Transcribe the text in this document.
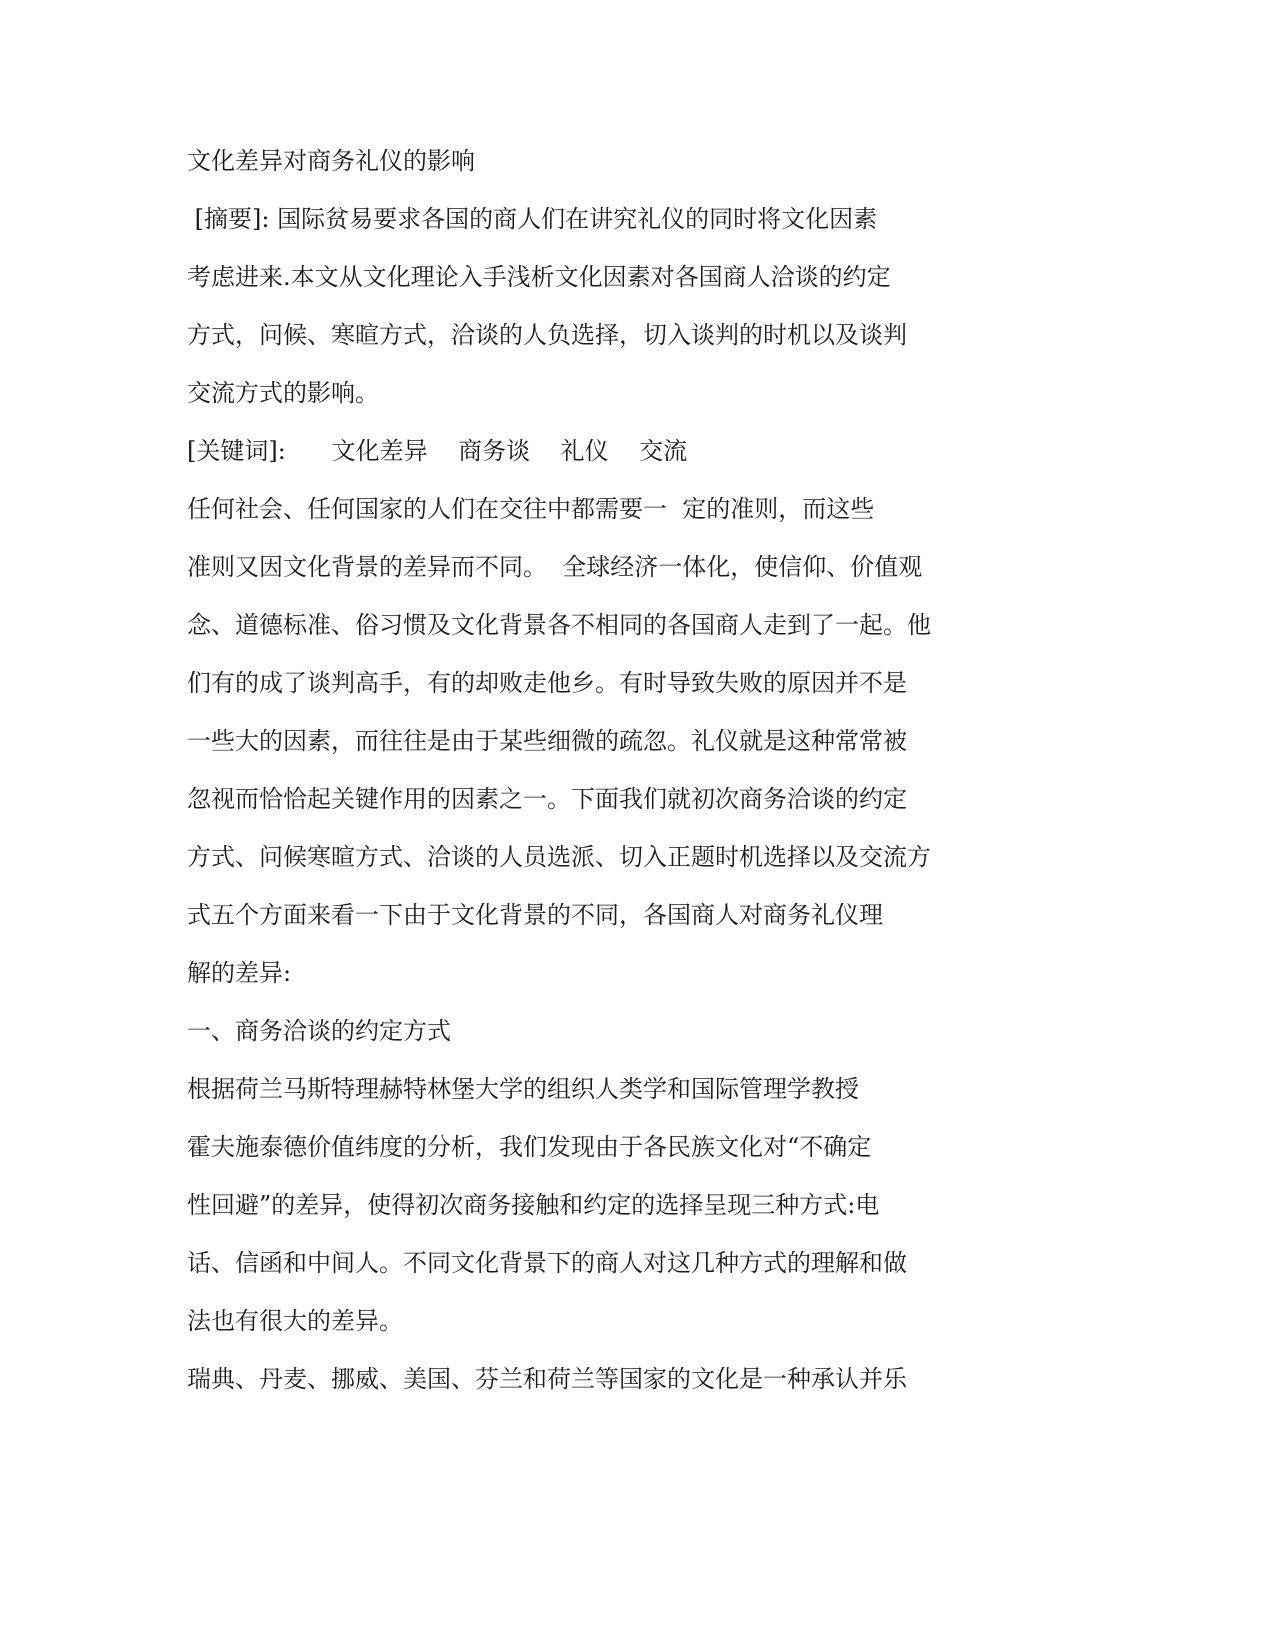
文化差异对商务礼仪的影响

[摘要]: 国际贫易要求各国的商人们在讲究礼仪的同时将文化因素

考虑进来.本文从文化理论入手浅析文化因素对各国商人洽谈的约定

方式，问候、寒暄方式，洽谈的人负选择，切入谈判的时机以及谈判

交流方式的影响。

[关键词]:      文化差异    商务谈    礼仪    交流

任何社会、任何国家的人们在交往中都需要一  定的准则，而这些

准则又因文化背景的差异而不同。  全球经济一体化，使信仰、价值观

念、道德标准、俗习惯及文化背景各不相同的各国商人走到了一起。他

们有的成了谈判高手，有的却败走他乡。有时导致失败的原因并不是

一些大的因素，而往往是由于某些细微的疏忽。礼仪就是这种常常被

忽视而恰恰起关键作用的因素之一。下面我们就初次商务洽谈的约定

方式、问候寒暄方式、洽谈的人员选派、切入正题时机选择以及交流方

式五个方面来看一下由于文化背景的不同，各国商人对商务礼仪理

解的差异:

一、商务洽谈的约定方式

根据荷兰马斯特理赫特林堡大学的组织人类学和国际管理学教授

霍夫施泰德价值纬度的分析，我们发现由于各民族文化对“不确定

性回避”的差异，使得初次商务接触和约定的选择呈现三种方式:电

话、信函和中间人。不同文化背景下的商人对这几种方式的理解和做

法也有很大的差异。

瑞典、丹麦、挪威、美国、芬兰和荷兰等国家的文化是一种承认并乐
